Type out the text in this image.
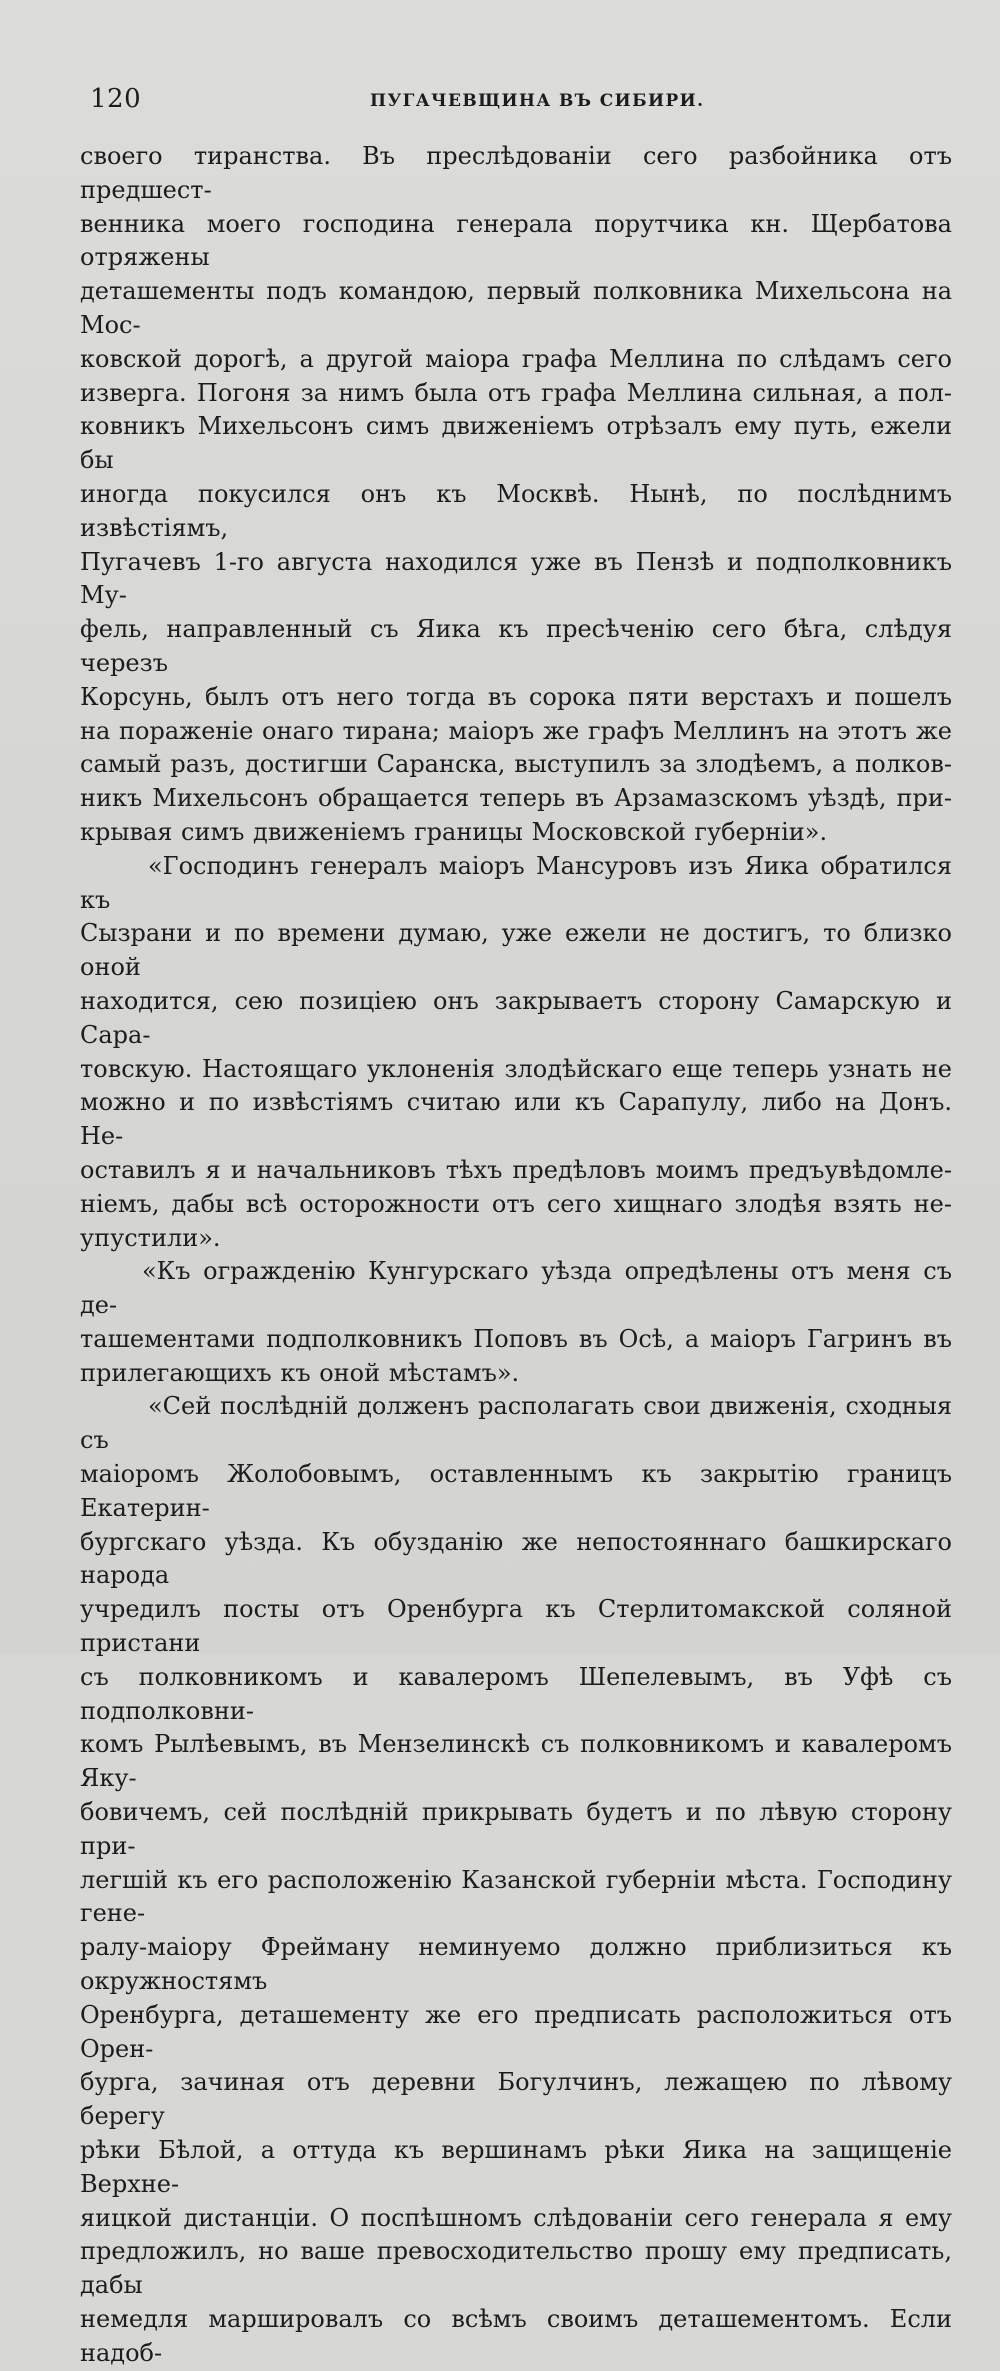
120	ПУГАЧЕВЩИНА ВЪ СИБИРИ.
своего тиранства. Въ преслѣдованiи сего разбойника отъ предшест-
венника моего господина генерала порутчика кн. Щербатова отряжены
деташементы подъ командою, первый полковника Михельсона на Мос-
ковской дорогѣ, а другой маiора графа Меллина по слѣдамъ сего
изверга. Погоня за нимъ была отъ графа Меллина сильная, а пол-
ковникъ Михельсонъ симъ движенiемъ отрѣзалъ ему путь, ежели бы
иногда покусился онъ къ Москвѣ. Нынѣ, по послѣднимъ извѣстiямъ,
Пугачевъ 1-го августа находился уже въ Пензѣ и подполковникъ Му-
фель, направленный съ Яика къ пресѣченiю сего бѣга, слѣдуя черезъ
Корсунь, былъ отъ него тогда въ сорока пяти верстахъ и пошелъ
на пораженiе онаго тирана; маiоръ же графъ Меллинъ на этотъ же
самый разъ, достигши Саранска, выступилъ за злодѣемъ, а полков-
никъ Михельсонъ обращается теперь въ Арзамазскомъ уѣздѣ, при-
крывая симъ движенiемъ границы Московской губернiи».
«Господинъ генералъ маiоръ Мансуровъ изъ Яика обратился къ
Сызрани и по времени думаю, уже ежели не достигъ, то близко оной
находится, сею позицiею онъ закрываетъ сторону Самарскую и Сара-
товскую. Настоящаго уклоненiя злодѣйскаго еще теперь узнать не
можно и по извѣстiямъ считаю или къ Сарапулу, либо на Донъ. Не-
оставилъ я и начальниковъ тѣхъ предѣловъ моимъ предъувѣдомле-
нiемъ, дабы всѣ осторожности отъ сего хищнаго злодѣя взять не-
упустили».
«Къ огражденiю Кунгурскаго уѣзда опредѣлены отъ меня съ де-
ташементами подполковникъ Поповъ въ Осѣ, а маiоръ Гагринъ въ
прилегающихъ къ оной мѣстамъ».
«Сей послѣднiй долженъ располагать свои движенiя, сходныя съ
маiоромъ Жолобовымъ, оставленнымъ къ закрытiю границъ Екатерин-
бургскаго уѣзда. Къ обузданiю же непостояннаго башкирскаго народа
учредилъ посты отъ Оренбурга къ Стерлитомакской соляной пристани
съ полковникомъ и кавалеромъ Шепелевымъ, въ Уфѣ съ подполковни-
комъ Рылѣевымъ, въ Мензелинскѣ съ полковникомъ и кавалеромъ Яку-
бовичемъ, сей послѣднiй прикрывать будетъ и по лѣвую сторону при-
легшiй къ его расположенiю Казанской губернiи мѣста. Господину гене-
ралу-маiору Фрейману неминуемо должно приблизиться къ окружностямъ
Оренбурга, деташементу же его предписать расположиться отъ Орен-
бурга, зачиная отъ деревни Богулчинъ, лежащею по лѣвому берегу
рѣки Бѣлой, а оттуда къ вершинамъ рѣки Яика на защищенiе Верхне-
яицкой дистанцiи. О поспѣшномъ слѣдованiи сего генерала я ему
предложилъ, но ваше превосходительство прошу ему предписать, дабы
немедля маршировалъ со всѣмъ своимъ деташементомъ. Если надоб-
